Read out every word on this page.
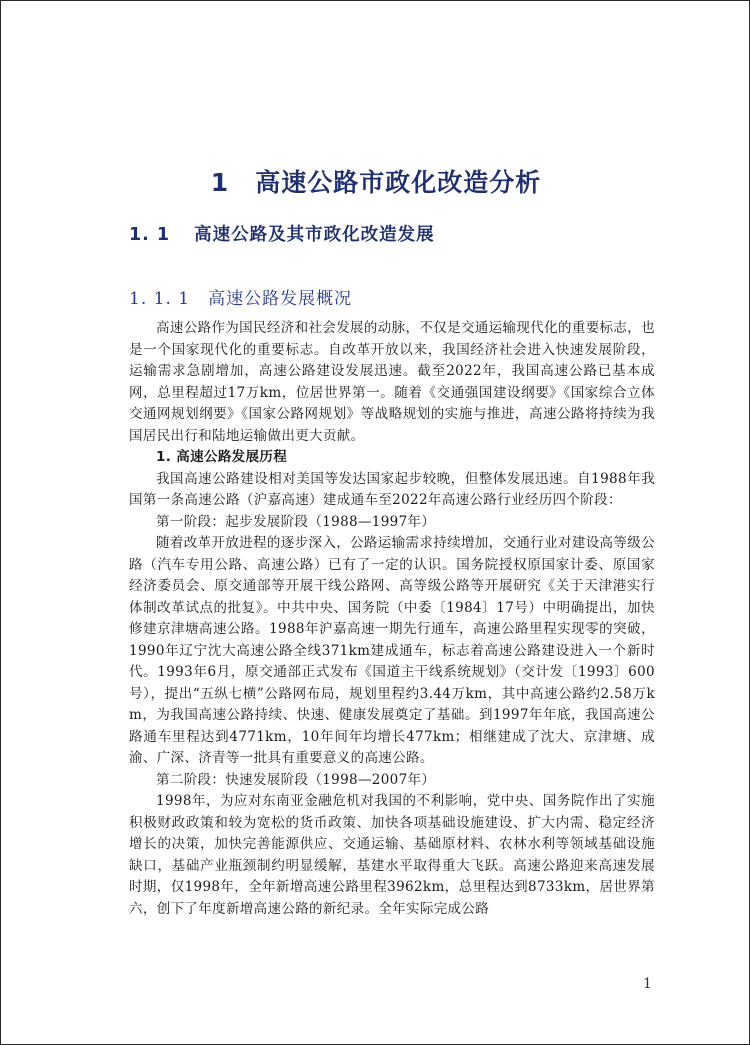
1 高速公路市政化改造分析
1. 1 高速公路及其市政化改造发展
1. 1. 1 高速公路发展概况

高速公路作为国民经济和社会发展的动脉，不仅是交通运输现代化的重要标志，也是一个国家现代化的重要标志。自改革开放以来，我国经济社会进入快速发展阶段，运输需求急剧增加，高速公路建设发展迅速。截至2022年，我国高速公路已基本成网，总里程超过17万km，位居世界第一。随着《交通强国建设纲要》《国家综合立体交通网规划纲要》《国家公路网规划》等战略规划的实施与推进，高速公路将持续为我国居民出行和陆地运输做出更大贡献。

1. 高速公路发展历程

我国高速公路建设相对美国等发达国家起步较晚，但整体发展迅速。自1988年我国第一条高速公路（沪嘉高速）建成通车至2022年高速公路行业经历四个阶段：

第一阶段：起步发展阶段（1988—1997年）

随着改革开放进程的逐步深入，公路运输需求持续增加，交通行业对建设高等级公路（汽车专用公路、高速公路）已有了一定的认识。国务院授权原国家计委、原国家经济委员会、原交通部等开展干线公路网、高等级公路等开展研究《关于天津港实行体制改革试点的批复》。中共中央、国务院（中委〔1984〕17号）中明确提出，加快修建京津塘高速公路。1988年沪嘉高速一期先行通车，高速公路里程实现零的突破，1990年辽宁沈大高速公路全线371km建成通车，标志着高速公路建设进入一个新时代。1993年6月，原交通部正式发布《国道主干线系统规划》（交计发〔1993〕600号），提出“五纵七横”公路网布局，规划里程约3.44万km，其中高速公路约2.58万km，为我国高速公路持续、快速、健康发展奠定了基础。到1997年年底，我国高速公路通车里程达到4771km，10年间年均增长477km；相继建成了沈大、京津塘、成渝、广深、济青等一批具有重要意义的高速公路。

第二阶段：快速发展阶段（1998—2007年）

1998年，为应对东南亚金融危机对我国的不利影响，党中央、国务院作出了实施积极财政政策和较为宽松的货币政策、加快各项基础设施建设、扩大内需、稳定经济增长的决策，加快完善能源供应、交通运输、基础原材料、农林水利等领域基础设施缺口，基础产业瓶颈制约明显缓解，基建水平取得重大飞跃。高速公路迎来高速发展时期，仅1998年，全年新增高速公路里程3962km，总里程达到8733km，居世界第六，创下了年度新增高速公路的新纪录。全年实际完成公路

1
